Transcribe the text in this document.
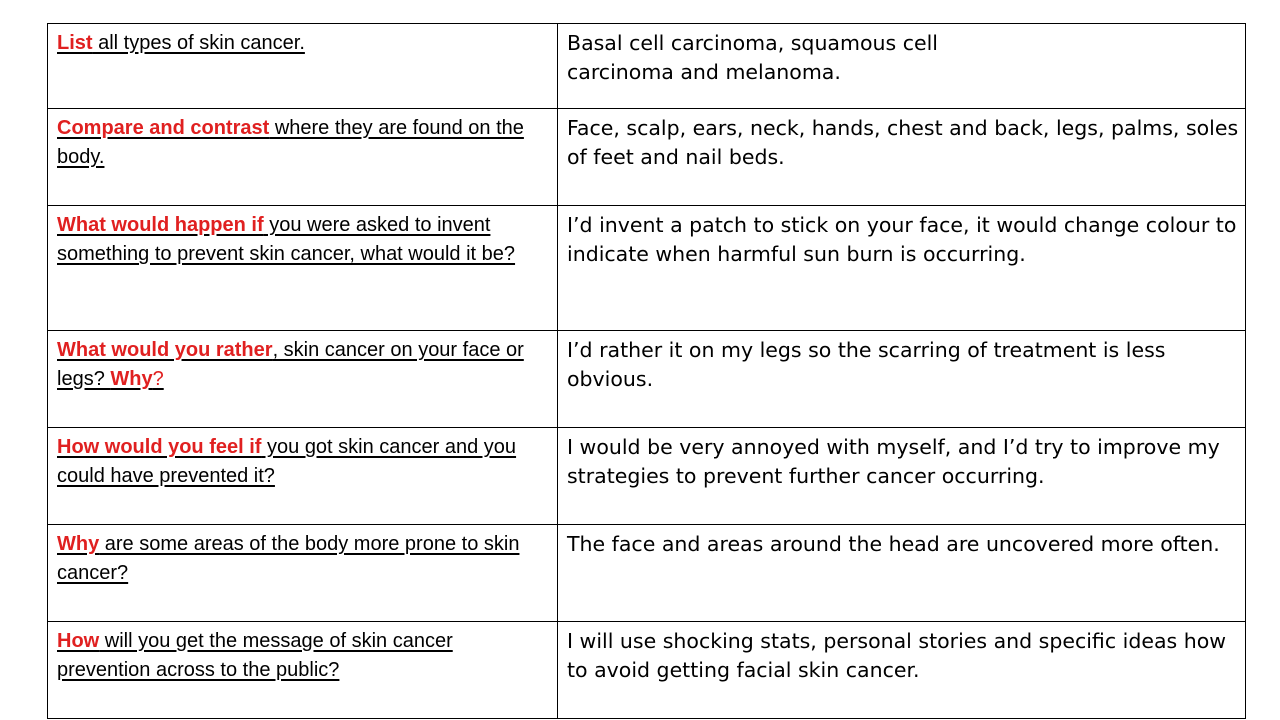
List all types of skin cancer.	Basal cell carcinoma, squamous cell carcinoma and melanoma.

Compare and contrast where they are found on the body.	Face, scalp, ears, neck, hands, chest and back, legs, palms, soles of feet and nail beds.

What would happen if you were asked to invent something to prevent skin cancer, what would it be?	I’d invent a patch to stick on your face, it would change colour to indicate when harmful sun burn is occurring.

What would you rather, skin cancer on your face or legs? Why?	I’d rather it on my legs so the scarring of treatment is less obvious.

How would you feel if you got skin cancer and you could have prevented it?	I would be very annoyed with myself, and I’d try to improve my strategies to prevent further cancer occurring.

Why are some areas of the body more prone to skin cancer?	The face and areas around the head are uncovered more often.

How will you get the message of skin cancer prevention across to the public?	I will use shocking stats, personal stories and specific ideas how to avoid getting facial skin cancer.
